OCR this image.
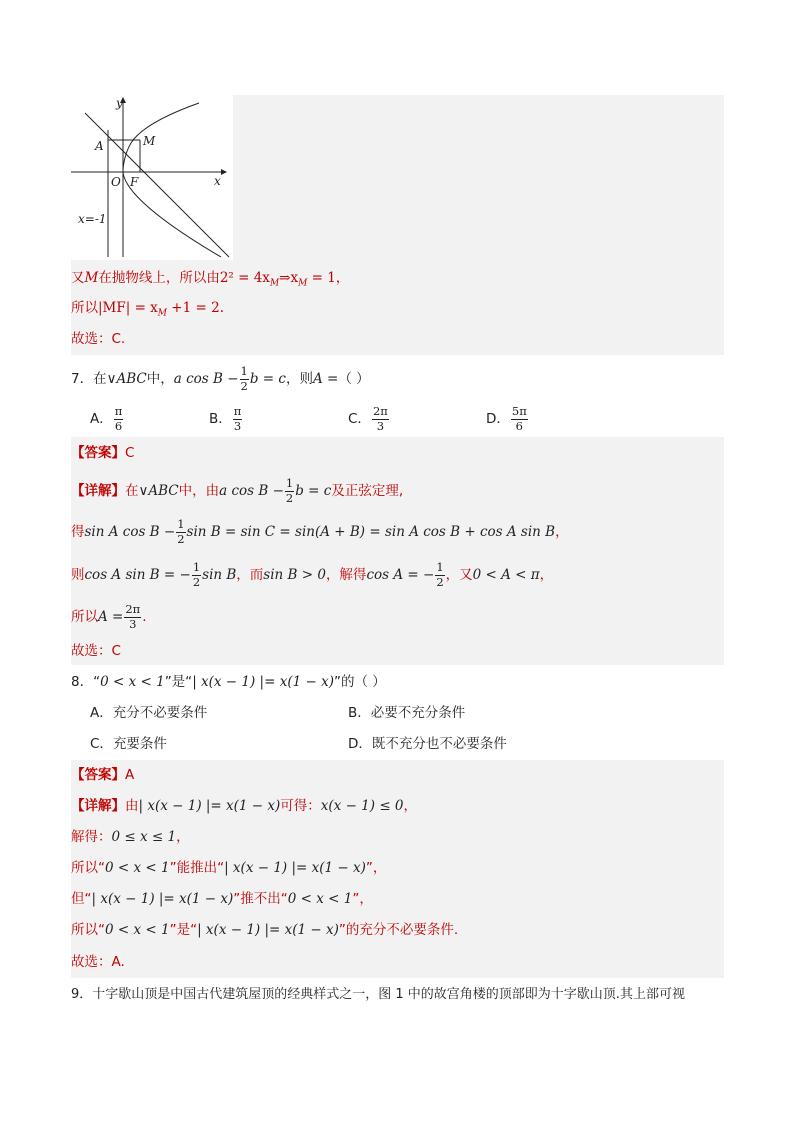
y
x
A	M
O F
x=-1
又M在抛物线上，所以由$2^2 = 4x_M\Rightarrow x_M = 1$，
所以$|MF| = x_M +1 = 2$.
故选：C.
7．在∨ABC中，a $\cos B - \frac{1}{2}$ b = c，则A =（ ）
A． $\frac{\pi}{6}$	B． $\frac{\pi}{3}$	C． $\frac{2\pi}{3}$	D． $\frac{5\pi}{6}$
【答案】C
【详解】在∨ABC中，由a $\cos B - \frac{1}{2}$ b = c及正弦定理,
得sin A $\cos B - \frac{1}{2}$ sin B = sin C = sin(A + B) = sin A cos B + cos A sin B，
则cos A sin B = − $\frac{1}{2}$ sin B，而sin B > 0，解得cos A = − $\frac{1}{2}$ ，又0 < A < π，
所以$A = \frac{2\pi}{3}$ .
故选：C
8．“0 < x < 1”是“| x(x − 1) |= x(1 − x)”的（ ）
A．充分不必要条件	B．必要不充分条件
C．充要条件	D．既不充分也不必要条件
【答案】A
【详解】由| x(x − 1) |= x(1 − x)可得：x(x − 1) ≤ 0，
解得：0 ≤ x ≤ 1，
所以“0 < x < 1”能推出“| x(x − 1) |= x(1 − x)”，
但“| x(x − 1) |= x(1 − x)”推不出“0 < x < 1”，
所以“0 < x < 1”是“| x(x − 1) |= x(1 − x)”的充分不必要条件.
故选：A.
9．十字歇山顶是中国古代建筑屋顶的经典样式之一，图 1 中的故宫角楼的顶部即为十字歇山顶.其上部可视
